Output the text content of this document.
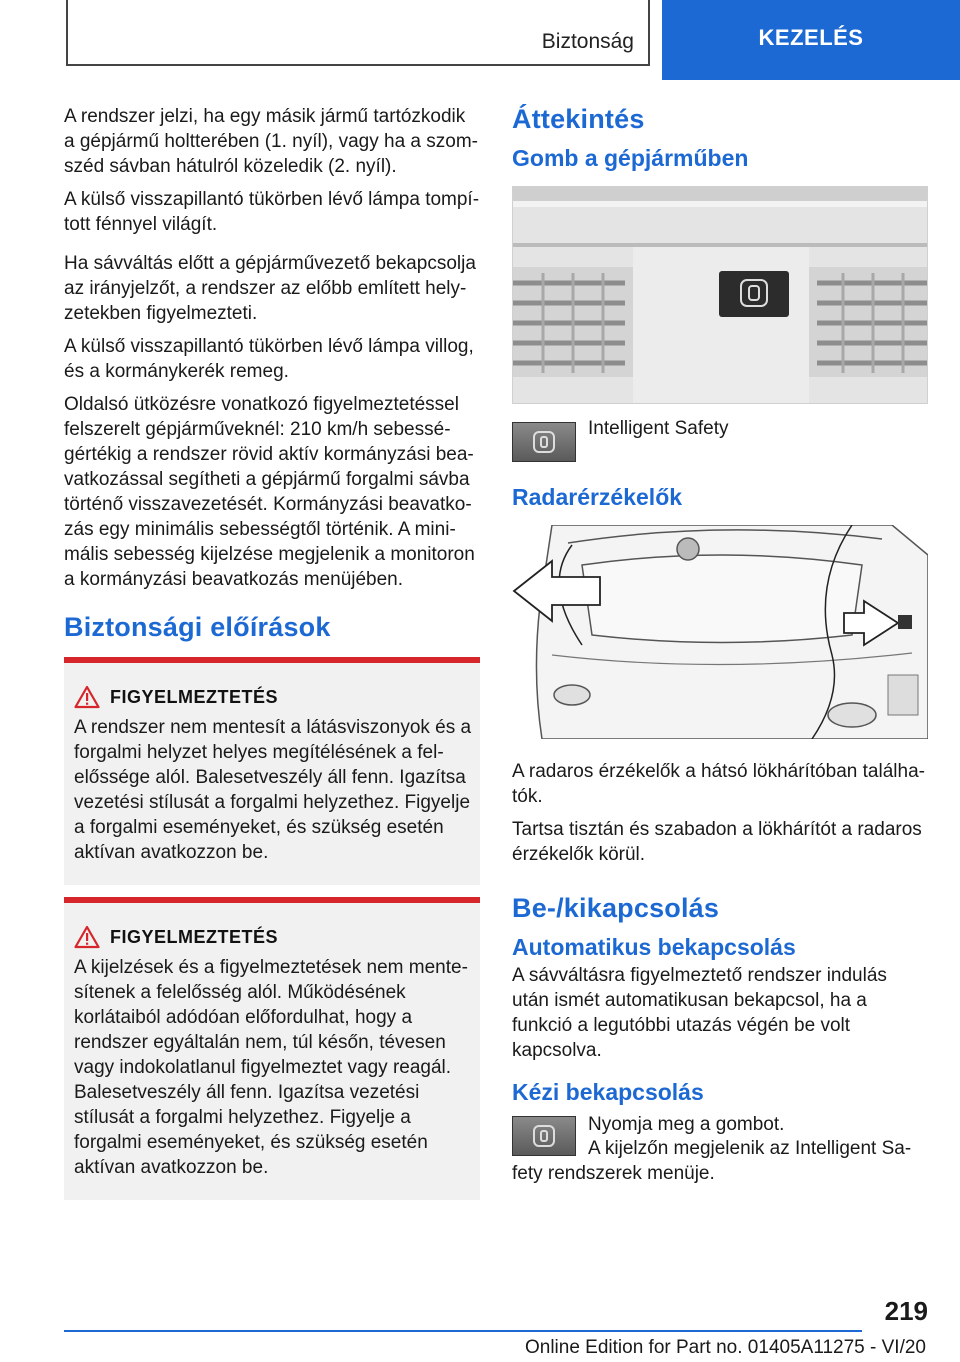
Biztonság	KEZELÉS

A rendszer jelzi, ha egy másik jármű tartózkodik a gépjármű holtterében (1. nyíl), vagy ha a szomszéd sávban hátulról közeledik (2. nyíl).

A külső visszapillantó tükörben lévő lámpa tompított fénnyel világít.

Ha sávváltás előtt a gépjárművezető bekapcsolja az irányjelzőt, a rendszer az előbb említett helyzetekben figyelmezteti.

A külső visszapillantó tükörben lévő lámpa villog, és a kormánykerék remeg.

Oldalsó ütközésre vonatkozó figyelmeztetéssel felszerelt gépjárműveknél: 210 km/h sebességértékig a rendszer rövid aktív kormányzási beavatkozással segítheti a gépjármű forgalmi sávba történő visszavezetését. Kormányzási beavatkozás egy minimális sebességtől történik. A minimális sebesség kijelzése megjelenik a monitoron a kormányzási beavatkozás menüjében.

Biztonsági előírások
FIGYELMEZTETÉS

A rendszer nem mentesít a látásviszonyok és a forgalmi helyzet helyes megítélésének a felelőssége alól. Balesetveszély áll fenn. Igazítsa vezetési stílusát a forgalmi helyzethez. Figyelje a forgalmi eseményeket, és szükség esetén aktívan avatkozzon be.

FIGYELMEZTETÉS

A kijelzések és a figyelmeztetések nem mentesítenek a felelősség alól. Működésének korlátaiból adódóan előfordulhat, hogy a rendszer egyáltalán nem, túl későn, tévesen vagy indokolatlanul figyelmeztet vagy reagál. Balesetveszély áll fenn. Igazítsa vezetési stílusát a forgalmi helyzethez. Figyelje a forgalmi eseményeket, és szükség esetén aktívan avatkozzon be.

Áttekintés
Gomb a gépjárműben
Intelligent Safety
Radarérzékelők

A radaros érzékelők a hátsó lökhárítóban találhatók.

Tartsa tisztán és szabadon a lökhárítót a radaros érzékelők körül.

Be-/kikapcsolás
Automatikus bekapcsolás

A sávváltásra figyelmeztető rendszer indulás után ismét automatikusan bekapcsol, ha a funkció a legutóbbi utazás végén be volt kapcsolva.

Kézi bekapcsolás

Nyomja meg a gombot.

A kijelzőn megjelenik az Intelligent Safety rendszerek menüje.

219
Online Edition for Part no. 01405A11275 - VI/20
